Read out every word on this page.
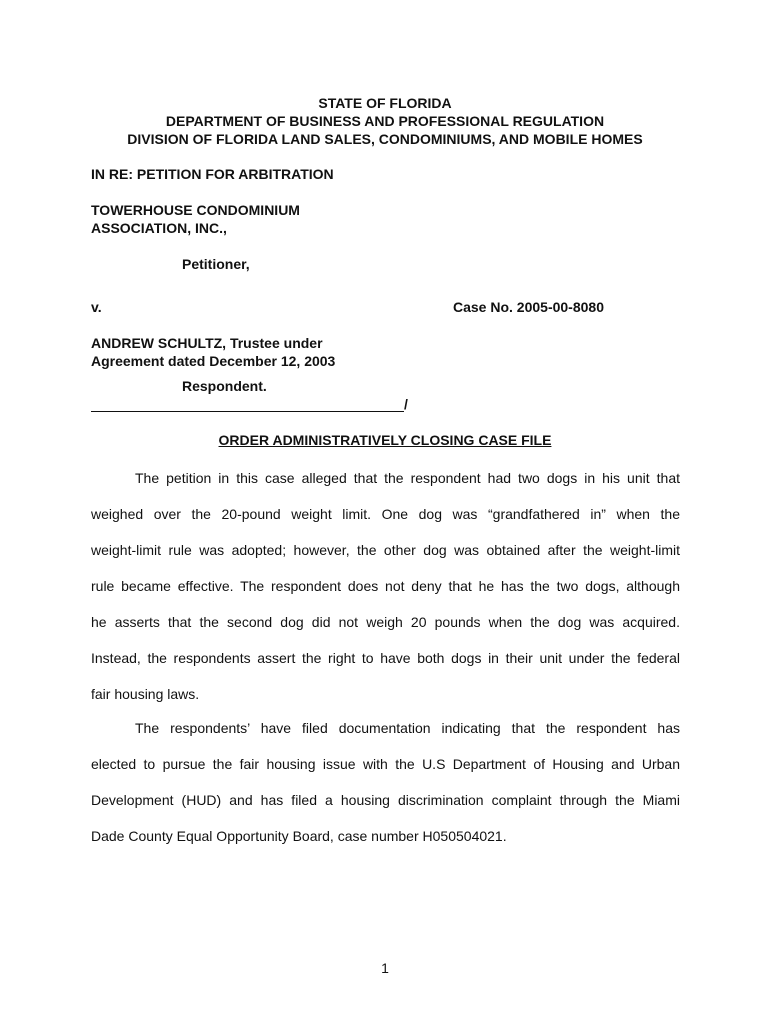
STATE OF FLORIDA
DEPARTMENT OF BUSINESS AND PROFESSIONAL REGULATION
DIVISION OF FLORIDA LAND SALES, CONDOMINIUMS, AND MOBILE HOMES
IN RE: PETITION FOR ARBITRATION
TOWERHOUSE CONDOMINIUM
ASSOCIATION, INC.,
Petitioner,
v.	Case No. 2005-00-8080
ANDREW SCHULTZ, Trustee under
Agreement dated December 12, 2003
Respondent.
/
ORDER ADMINISTRATIVELY CLOSING CASE FILE
The petition in this case alleged that the respondent had two dogs in his unit that
weighed over the 20-pound weight limit. One dog was “grandfathered in” when the
weight-limit rule was adopted; however, the other dog was obtained after the weight-limit
rule became effective. The respondent does not deny that he has the two dogs, although
he asserts that the second dog did not weigh 20 pounds when the dog was acquired.
Instead, the respondents assert the right to have both dogs in their unit under the federal
fair housing laws.
The respondents’ have filed documentation indicating that the respondent has
elected to pursue the fair housing issue with the U.S Department of Housing and Urban
Development (HUD) and has filed a housing discrimination complaint through the Miami
Dade County Equal Opportunity Board, case number H050504021.
1
